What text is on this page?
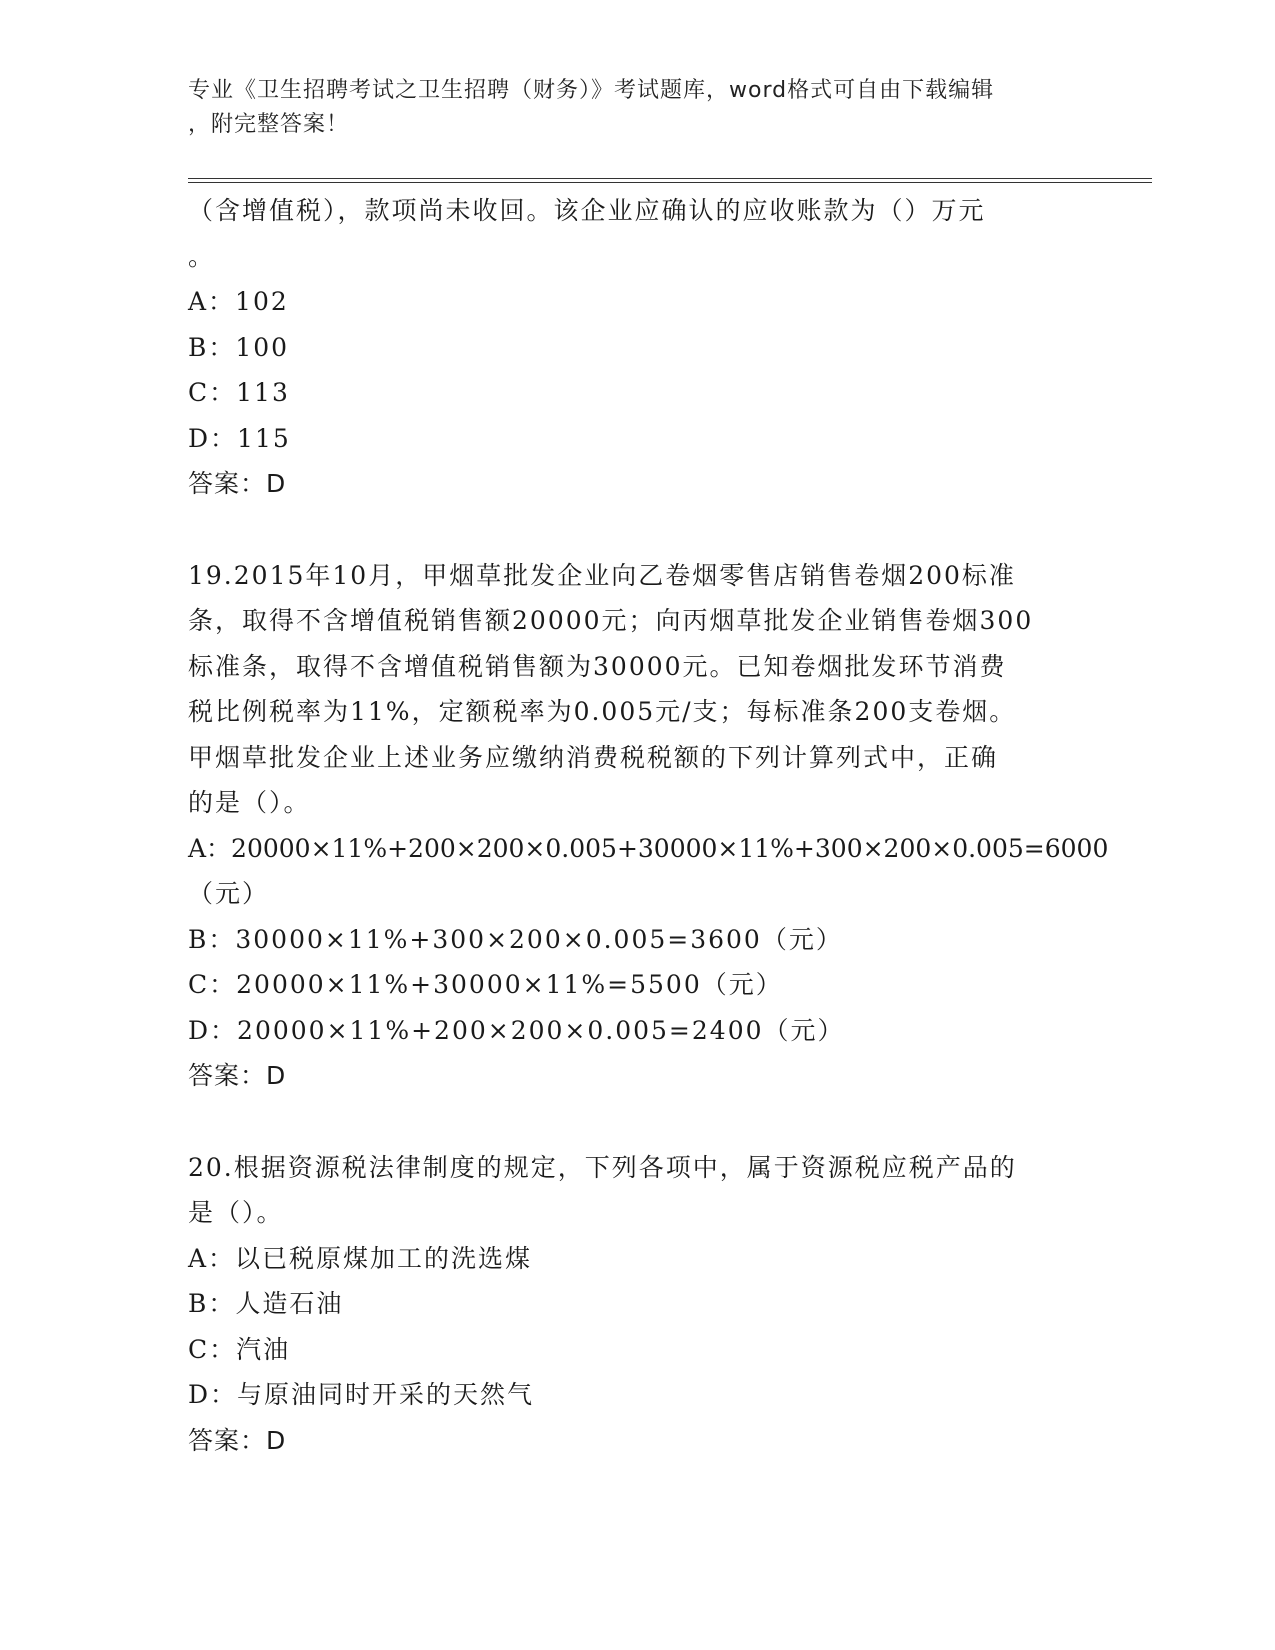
专业《卫生招聘考试之卫生招聘（财务）》考试题库，word格式可自由下载编辑
，附完整答案！
（含增值税），款项尚未收回。该企业应确认的应收账款为（）万元
。
A：102
B：100
C：113
D：115
答案：D
19.2015年10月，甲烟草批发企业向乙卷烟零售店销售卷烟200标准
条，取得不含增值税销售额20000元；向丙烟草批发企业销售卷烟300
标准条，取得不含增值税销售额为30000元。已知卷烟批发环节消费
税比例税率为11%，定额税率为0.005元/支；每标准条200支卷烟。
甲烟草批发企业上述业务应缴纳消费税税额的下列计算列式中，正确
的是（）。
A：20000×11%+200×200×0.005+30000×11%+300×200×0.005=6000
（元）
B：30000×11%+300×200×0.005=3600（元）
C：20000×11%+30000×11%=5500（元）
D：20000×11%+200×200×0.005=2400（元）
答案：D
20.根据资源税法律制度的规定，下列各项中，属于资源税应税产品的
是（）。
A：以已税原煤加工的洗选煤
B：人造石油
C：汽油
D：与原油同时开采的天然气
答案：D
